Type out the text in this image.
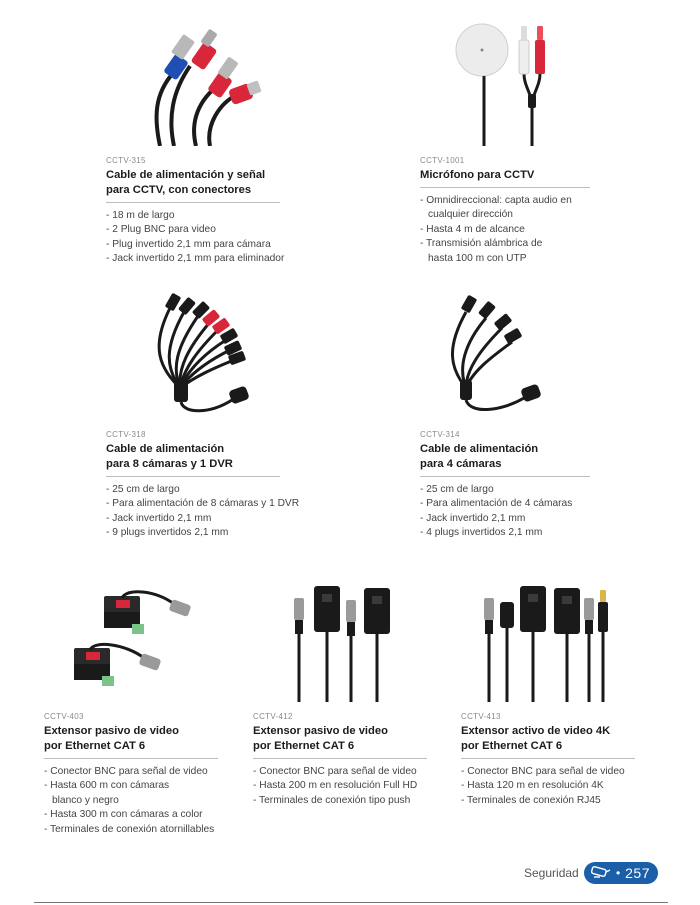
CCTV-315
Cable de alimentación y señal
para CCTV, con conectores
- 18 m de largo
- 2 Plug BNC para video
- Plug invertido 2,1 mm para cámara
- Jack invertido 2,1 mm para eliminador
CCTV-1001
Micrófono para CCTV
- Omnidireccional: capta audio en
cualquier dirección
- Hasta 4 m de alcance
- Transmisión alámbrica de
hasta 100 m con UTP
CCTV-318
Cable de alimentación
para 8 cámaras y 1 DVR
- 25 cm de largo
- Para alimentación de 8 cámaras y 1 DVR
- Jack invertido 2,1 mm
- 9 plugs invertidos 2,1 mm
CCTV-314
Cable de alimentación
para 4 cámaras
- 25 cm de largo
- Para alimentación de 4 cámaras
- Jack invertido 2,1 mm
- 4 plugs invertidos 2,1 mm
CCTV-403
Extensor pasivo de video
por Ethernet CAT 6
- Conector BNC para señal de video
- Hasta 600 m con cámaras
blanco y negro
- Hasta 300 m con cámaras a color
- Terminales de conexión atornillables
CCTV-412
Extensor pasivo de video
por Ethernet CAT 6
- Conector BNC para señal de video
- Hasta 200 m en resolución Full HD
- Terminales de conexión tipo push
CCTV-413
Extensor activo de video 4K
por Ethernet CAT 6
- Conector BNC para señal de video
- Hasta 120 m en resolución 4K
- Terminales de conexión RJ45
Seguridad	• 257
